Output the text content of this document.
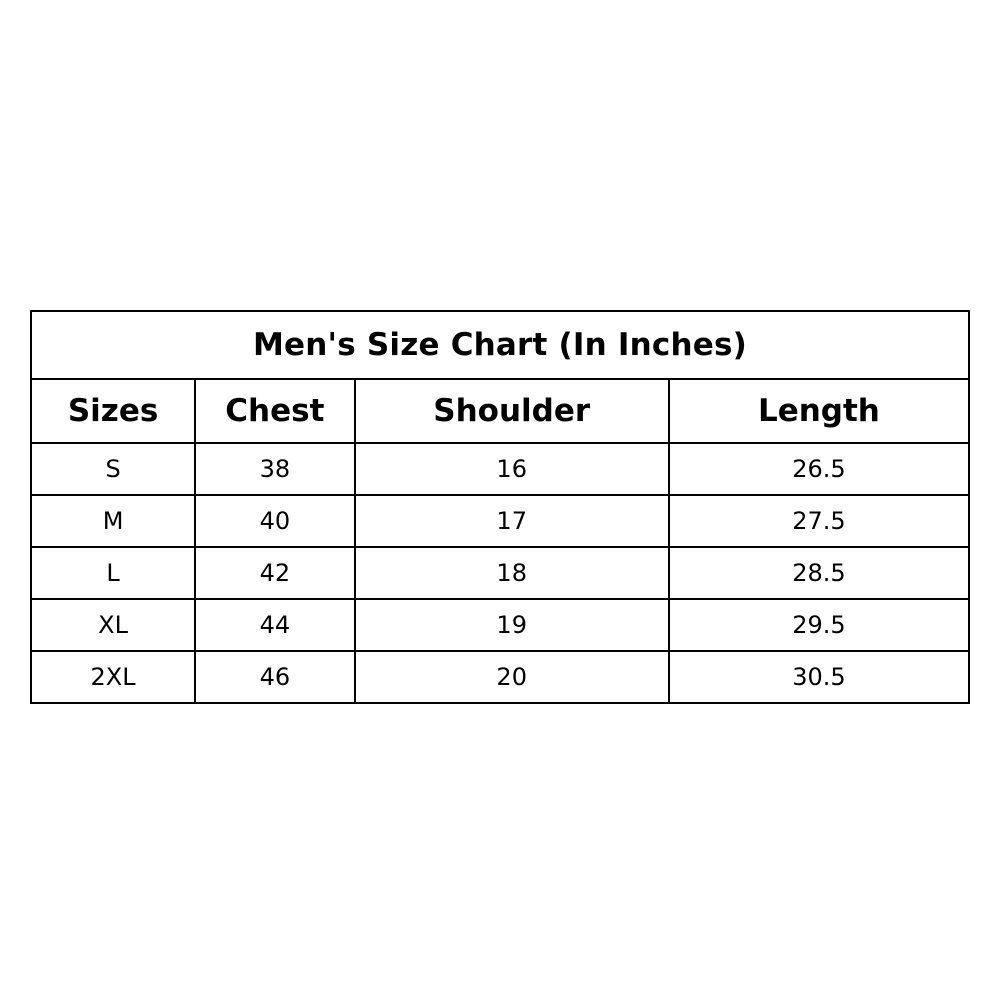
Men's Size Chart (In Inches)			
Sizes	Chest	Shoulder	Length
S	38	16	26.5
M	40	17	27.5
L	42	18	28.5
XL	44	19	29.5
2XL	46	20	30.5
